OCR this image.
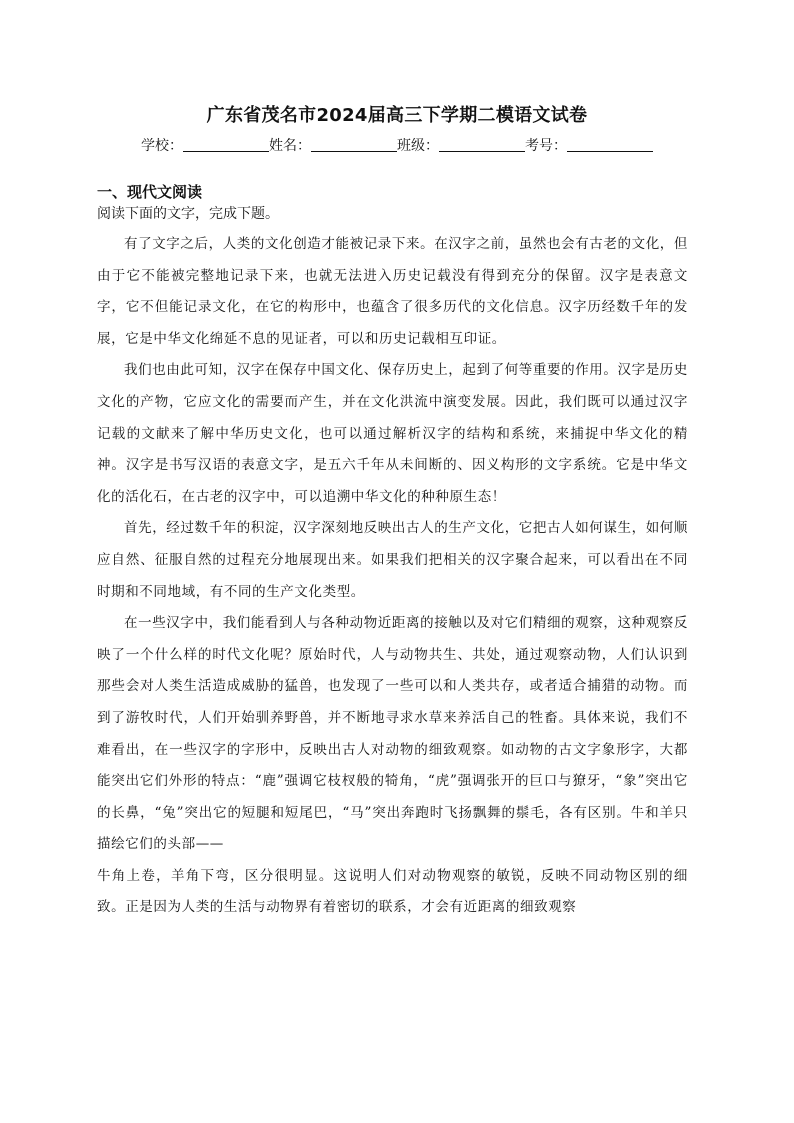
广东省茂名市2024届高三下学期二模语文试卷
学校：	姓名：	班级：	考号：
一、现代文阅读
阅读下面的文字，完成下题。

有了文字之后，人类的文化创造才能被记录下来。在汉字之前，虽然也会有古老的文化，但由于它不能被完整地记录下来，也就无法进入历史记载没有得到充分的保留。汉字是表意文字，它不但能记录文化，在它的构形中，也蕴含了很多历代的文化信息。汉字历经数千年的发展，它是中华文化绵延不息的见证者，可以和历史记载相互印证。

我们也由此可知，汉字在保存中国文化、保存历史上，起到了何等重要的作用。汉字是历史文化的产物，它应文化的需要而产生，并在文化洪流中演变发展。因此，我们既可以通过汉字记载的文献来了解中华历史文化，也可以通过解析汉字的结构和系统，来捕捉中华文化的精神。汉字是书写汉语的表意文字，是五六千年从未间断的、因义构形的文字系统。它是中华文化的活化石，在古老的汉字中，可以追溯中华文化的种种原生态！

首先，经过数千年的积淀，汉字深刻地反映出古人的生产文化，它把古人如何谋生，如何顺应自然、征服自然的过程充分地展现出来。如果我们把相关的汉字聚合起来，可以看出在不同时期和不同地域，有不同的生产文化类型。

在一些汉字中，我们能看到人与各种动物近距离的接触以及对它们精细的观察，这种观察反映了一个什么样的时代文化呢？原始时代，人与动物共生、共处，通过观察动物，人们认识到那些会对人类生活造成威胁的猛兽，也发现了一些可以和人类共存，或者适合捕猎的动物。而到了游牧时代，人们开始驯养野兽，并不断地寻求水草来养活自己的牲畜。具体来说，我们不难看出，在一些汉字的字形中，反映出古人对动物的细致观察。如动物的古文字象形字，大都能突出它们外形的特点：“鹿”强调它枝杈般的犄角，“虎”强调张开的巨口与獠牙，“象”突出它的长鼻，“兔”突出它的短腿和短尾巴，“马”突出奔跑时飞扬飘舞的鬃毛，各有区别。牛和羊只描绘它们的头部——

牛角上卷，羊角下弯，区分很明显。这说明人们对动物观察的敏锐，反映不同动物区别的细致。正是因为人类的生活与动物界有着密切的联系，才会有近距离的细致观察
